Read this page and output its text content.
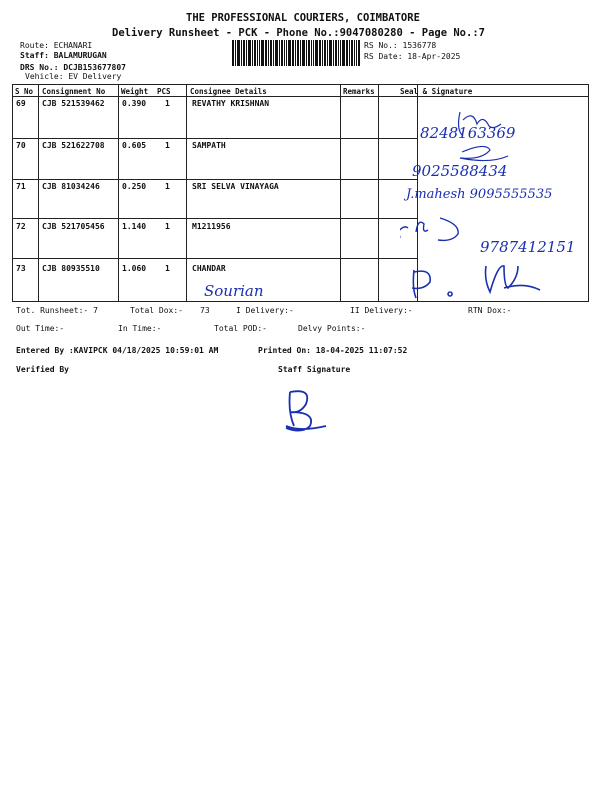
THE PROFESSIONAL COURIERS, COIMBATORE
Delivery Runsheet - PCK - Phone No.:9047080280 - Page No.:7
Route: ECHANARI
Staff: BALAMURUGAN
DRS No.: DCJB153677807
Vehicle: EV Delivery
RS No.: 1536778
RS Date: 18-Apr-2025
S No Consignment No Weight PCS	Consignee Details	Remarks	Seal & Signature
69 CJB 521539462 0.390 1	REVATHY KRISHNAN
70 CJB 521622708 0.605 1	SAMPATH
71 CJB 81034246	0.250 1	SRI SELVA VINAYAGA
72 CJB 521705456 1.140 1	M1211956
73 CJB 80935510	1.060 1	CHANDAR
8248163369
9025588434
J.mahesh 9095555535
9787412151
Sourian
Tot. Runsheet:- 7	Total Dox:- 73	I Delivery:-	II Delivery:-	RTN Dox:-
Out Time:-	In Time:-	Total POD:-	Delvy Points:-
Entered By :KAVIPCK 04/18/2025 10:59:01 AM	Printed On: 18-04-2025 11:07:52
Verified By	Staff Signature
